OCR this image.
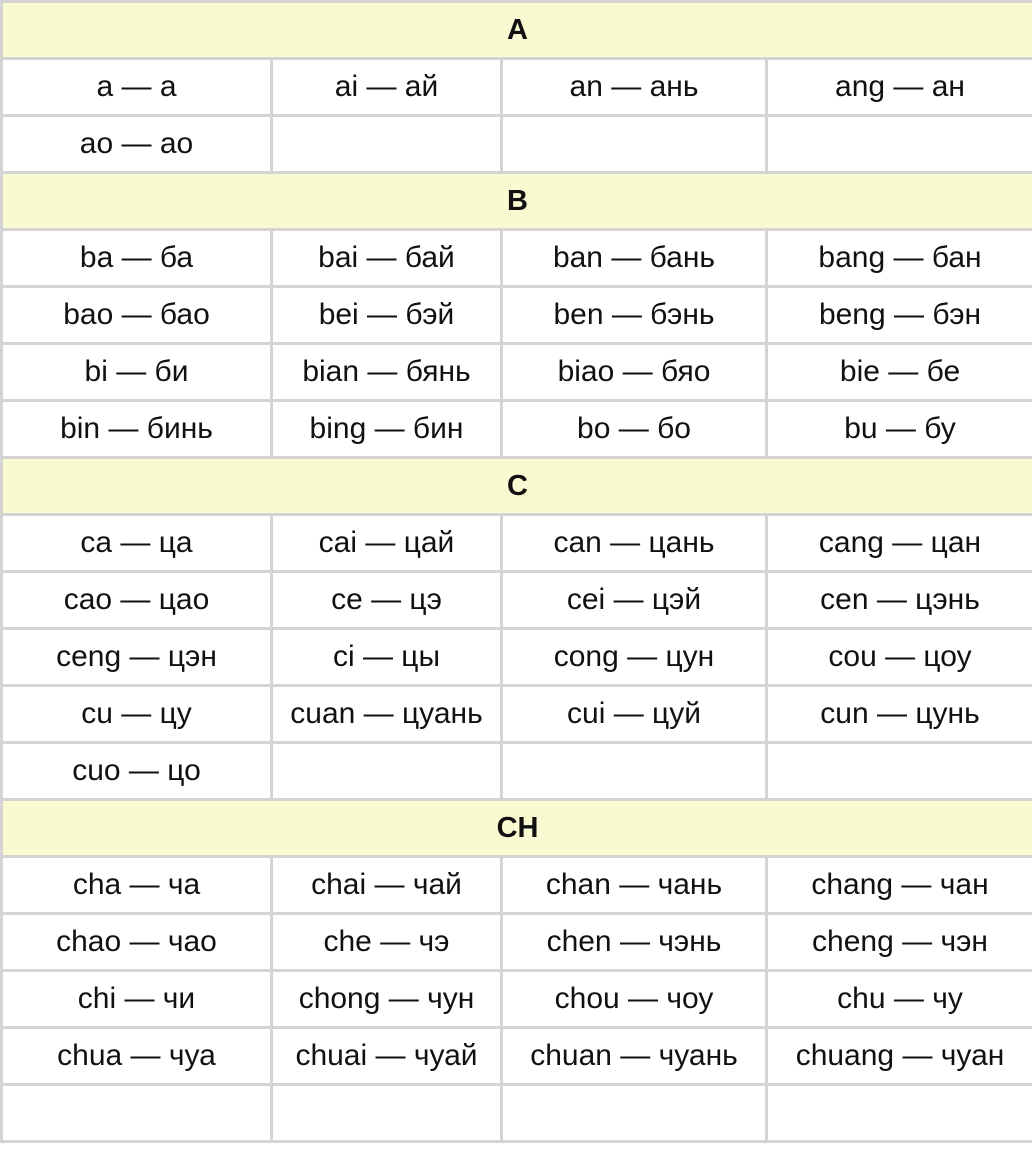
A			
a — а	ai — ай	an — ань	ang — ан
ao — ао			
B			
ba — ба	bai — бай	ban — бань	bang — бан
bao — бао	bei — бэй	ben — бэнь	beng — бэн
bi — би	bian — бянь	biao — бяо	bie — бе
bin — бинь	bing — бин	bo — бо	bu — бу
C			
ca — ца	cai — цай	can — цань	cang — цан
cao — цао	ce — цэ	cei — цэй	cen — цэнь
ceng — цэн	ci — цы	cong — цун	cou — цоу
cu — цу	cuan — цуань	cui — цуй	cun — цунь
cuo — цо			
CH			
cha — ча	chai — чай	chan — чань	chang — чан
chao — чао	che — чэ	chen — чэнь	cheng — чэн
chi — чи	chong — чун	chou — чоу	chu — чу
chua — чуа	chuai — чуай	chuan — чуань	chuang — чуан
